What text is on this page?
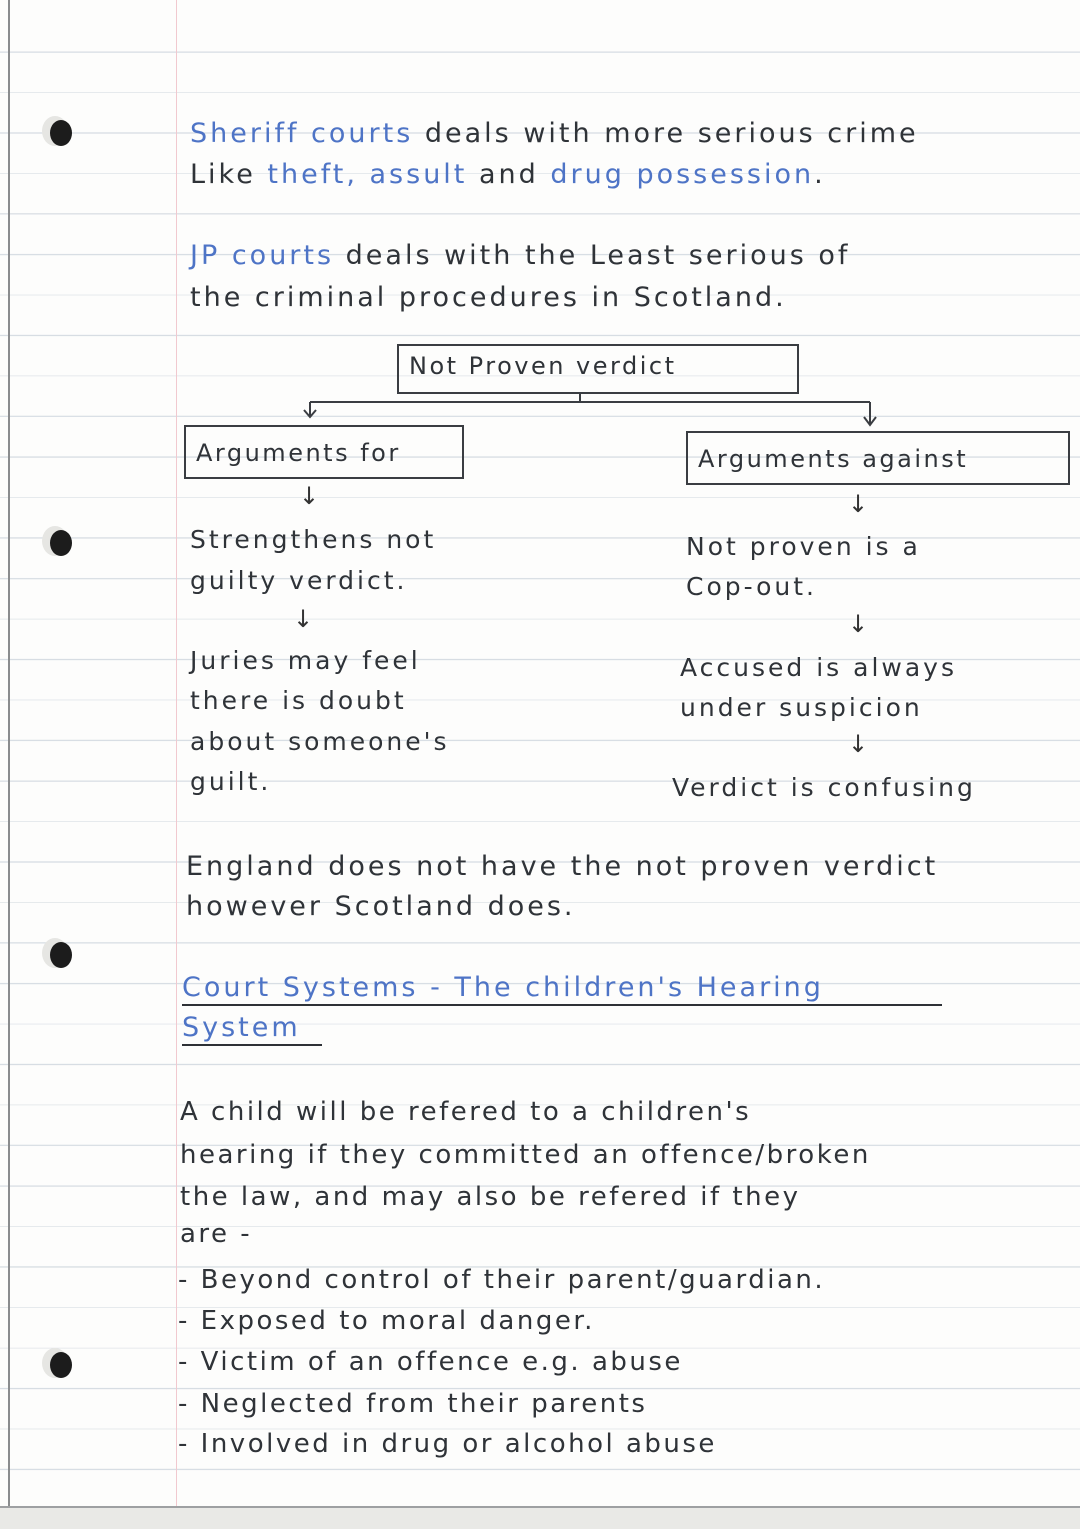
Sheriff courts deals with more serious crime
Like theft, assult and drug possession.
JP courts deals with the Least serious of
the criminal procedures in Scotland.
Not Proven verdict
Arguments for	Arguments against
↓
Strengthens not
guilty verdict.
↓
Juries may feel
there is doubt
about someone's
guilt.
↓
Not proven is a
Cop-out.
↓
Accused is always
under suspicion
↓
Verdict is confusing
England does not have the not proven verdict
however Scotland does.
Court Systems - The children's Hearing
System
A child will be refered to a children's
hearing if they committed an offence/broken
the law, and may also be refered if they
are -
- Beyond control of their parent/guardian.
- Exposed to moral danger.
- Victim of an offence e.g. abuse
- Neglected from their parents
- Involved in drug or alcohol abuse
